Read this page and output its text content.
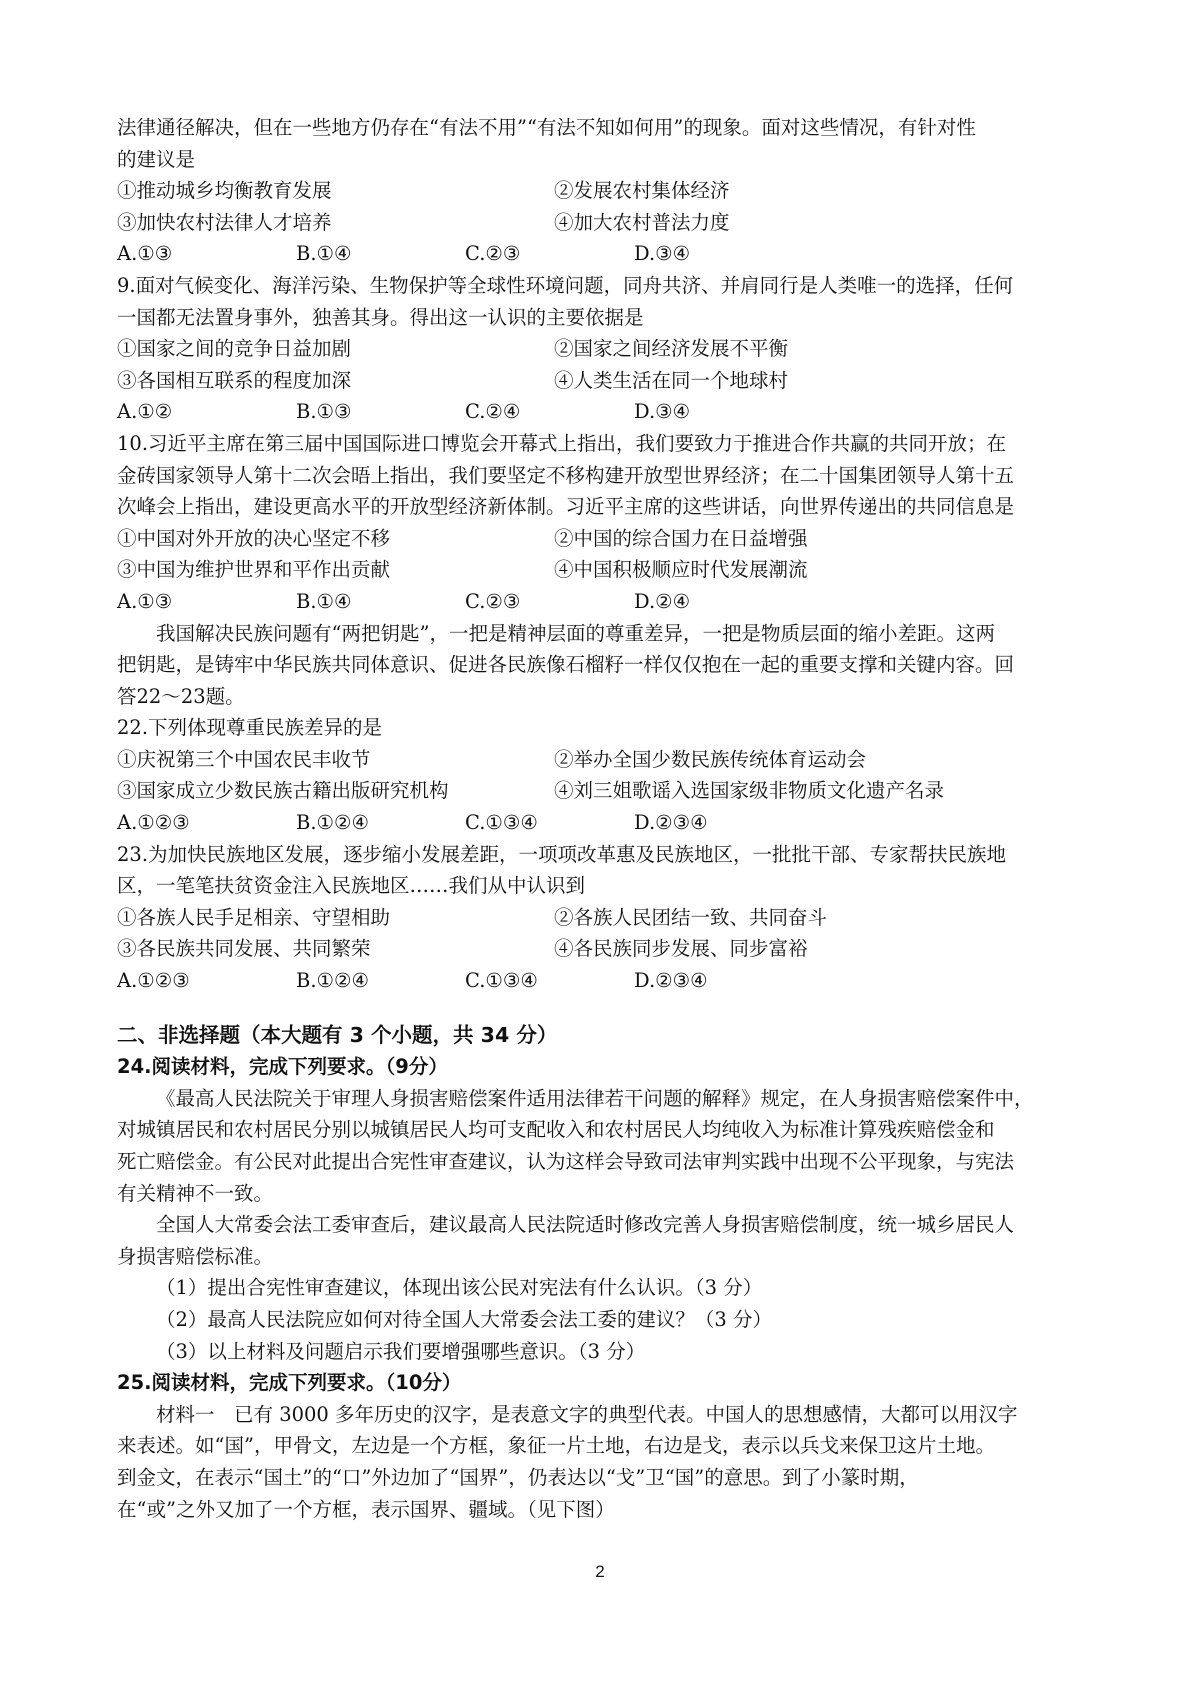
法律通径解决，但在一些地方仍存在“有法不用”“有法不知如何用”的现象。面对这些情况，有针对性
的建议是
①推动城乡均衡教育发展	②发展农村集体经济
③加快农村法律人才培养	④加大农村普法力度
A.①③	B.①④	C.②③	D.③④
9.面对气候变化、海洋污染、生物保护等全球性环境问题，同舟共济、并肩同行是人类唯一的选择，任何
一国都无法置身事外，独善其身。得出这一认识的主要依据是
①国家之间的竞争日益加剧	②国家之间经济发展不平衡
③各国相互联系的程度加深	④人类生活在同一个地球村
A.①②	B.①③	C.②④	D.③④
10.习近平主席在第三届中国国际进口博览会开幕式上指出，我们要致力于推进合作共赢的共同开放；在
金砖国家领导人第十二次会晤上指出，我们要坚定不移构建开放型世界经济；在二十国集团领导人第十五
次峰会上指出，建设更高水平的开放型经济新体制。习近平主席的这些讲话，向世界传递出的共同信息是
①中国对外开放的决心坚定不移	②中国的综合国力在日益增强
③中国为维护世界和平作出贡献	④中国积极顺应时代发展潮流
A.①③	B.①④	C.②③	D.②④
我国解决民族问题有“两把钥匙”，一把是精神层面的尊重差异，一把是物质层面的缩小差距。这两
把钥匙，是铸牢中华民族共同体意识、促进各民族像石榴籽一样仅仅抱在一起的重要支撑和关键内容。回
答22～23题。
22.下列体现尊重民族差异的是
①庆祝第三个中国农民丰收节	②举办全国少数民族传统体育运动会
③国家成立少数民族古籍出版研究机构	④刘三姐歌谣入选国家级非物质文化遗产名录
A.①②③	B.①②④	C.①③④	D.②③④
23.为加快民族地区发展，逐步缩小发展差距，一项项改革惠及民族地区，一批批干部、专家帮扶民族地
区，一笔笔扶贫资金注入民族地区……我们从中认识到
①各族人民手足相亲、守望相助	②各族人民团结一致、共同奋斗
③各民族共同发展、共同繁荣	④各民族同步发展、同步富裕
A.①②③	B.①②④	C.①③④	D.②③④
二、非选择题（本大题有 3 个小题，共 34 分）
24.阅读材料，完成下列要求。（9分）
《最高人民法院关于审理人身损害赔偿案件适用法律若干问题的解释》规定，在人身损害赔偿案件中，
对城镇居民和农村居民分别以城镇居民人均可支配收入和农村居民人均纯收入为标准计算残疾赔偿金和
死亡赔偿金。有公民对此提出合宪性审查建议，认为这样会导致司法审判实践中出现不公平现象，与宪法
有关精神不一致。
全国人大常委会法工委审查后，建议最高人民法院适时修改完善人身损害赔偿制度，统一城乡居民人
身损害赔偿标准。
（1）提出合宪性审查建议，体现出该公民对宪法有什么认识。（3 分）
（2）最高人民法院应如何对待全国人大常委会法工委的建议？（3 分）
（3）以上材料及问题启示我们要增强哪些意识。（3 分）
25.阅读材料，完成下列要求。（10分）
材料一　已有 3000 多年历史的汉字，是表意文字的典型代表。中国人的思想感情，大都可以用汉字
来表述。如“国”，甲骨文，左边是一个方框，象征一片土地，右边是戈，表示以兵戈来保卫这片土地。
到金文，在表示“国土”的“口”外边加了“国界”，仍表达以“戈”卫“国”的意思。到了小篆时期，
在“或”之外又加了一个方框，表示国界、疆域。（见下图）
2
